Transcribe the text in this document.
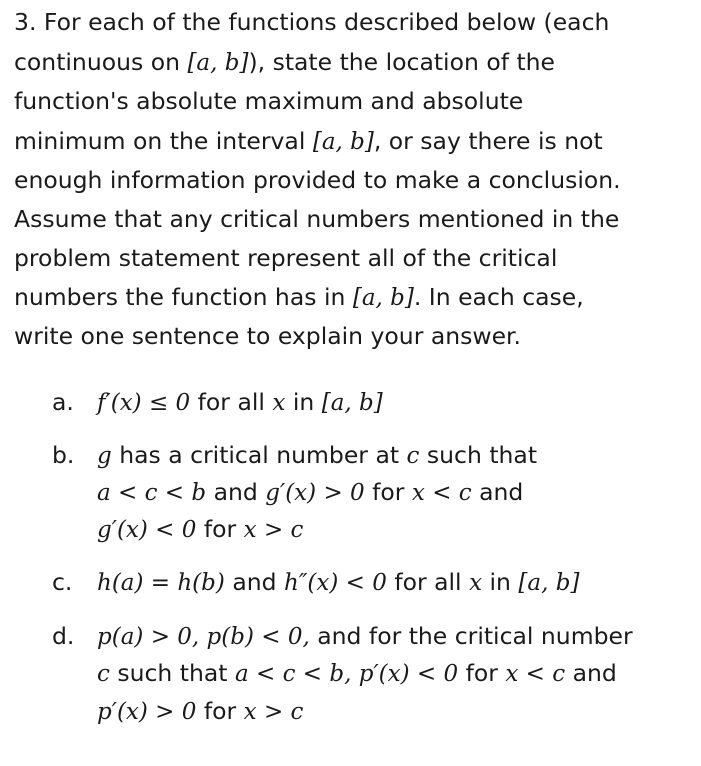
3. For each of the functions described below (each
continuous on [a, b]), state the location of the
function's absolute maximum and absolute
minimum on the interval [a, b], or say there is not
enough information provided to make a conclusion.
Assume that any critical numbers mentioned in the
problem statement represent all of the critical
numbers the function has in [a, b]. In each case,
write one sentence to explain your answer.
a. f′(x) ≤ 0 for all x in [a, b]
b. g has a critical number at c such that
a < c < b and g′(x) > 0 for x < c and
g′(x) < 0 for x > c
c. h(a) = h(b) and h″(x) < 0 for all x in [a, b]
d. p(a) > 0, p(b) < 0, and for the critical number
c such that a < c < b, p′(x) < 0 for x < c and
p′(x) > 0 for x > c
